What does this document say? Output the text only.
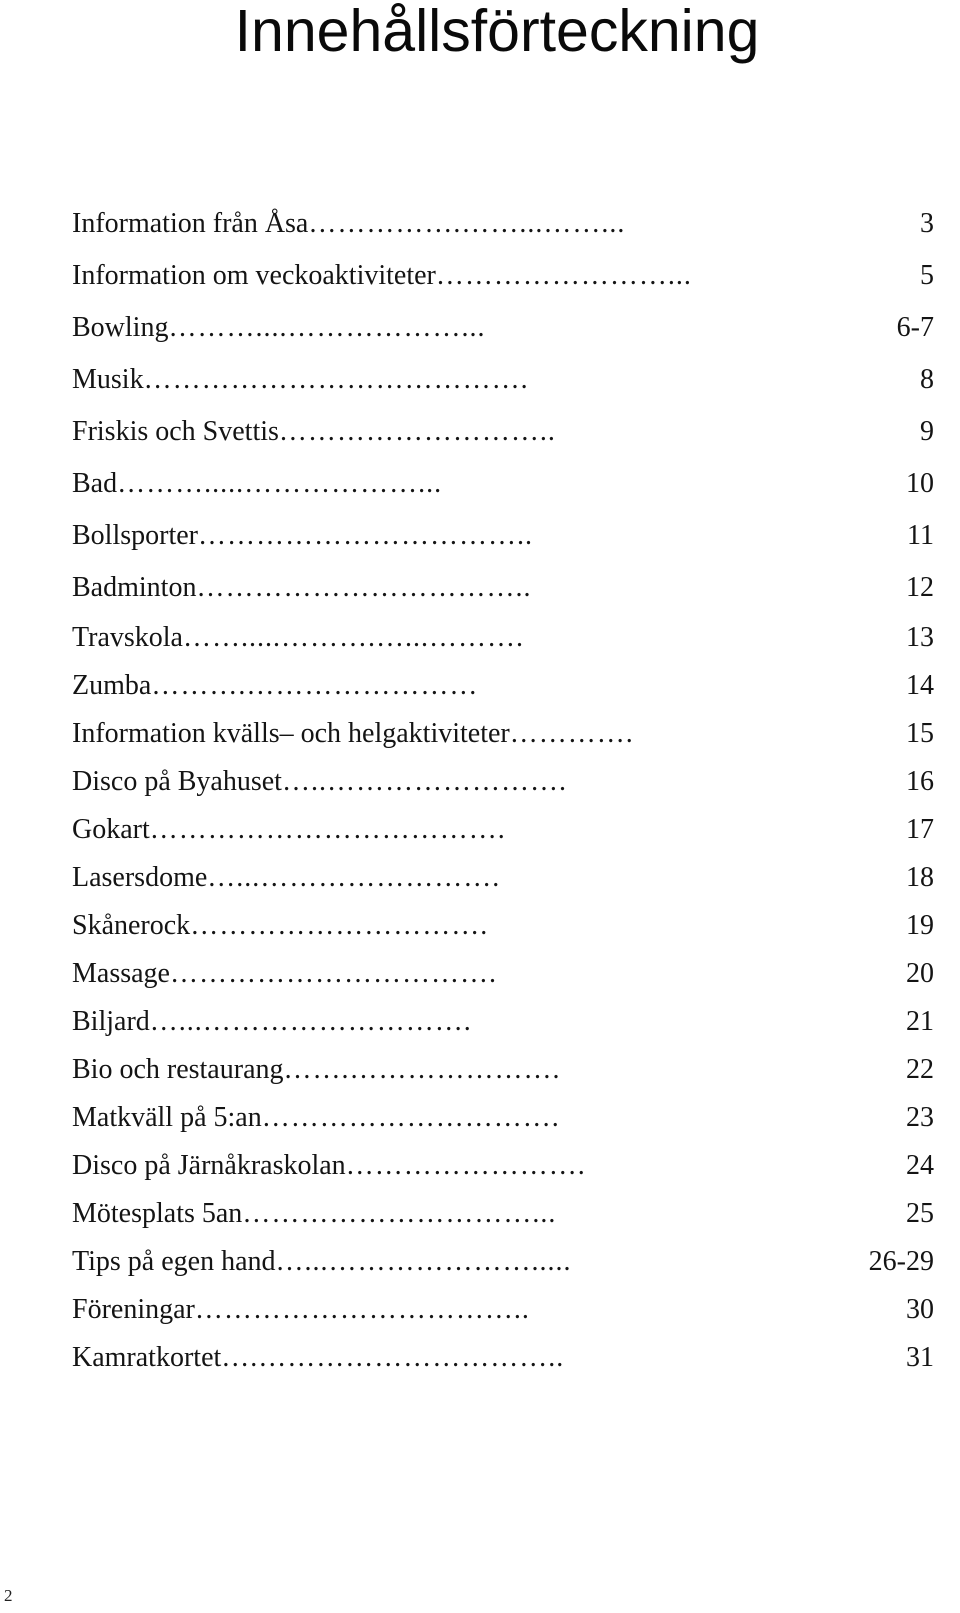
Innehållsförteckning
Information från Åsa …………….……...……...	3
Information om veckoaktiviteter ……………………...	5
Bowling ………....………………...	6-7
Musik ………………………………….	8
Friskis och Svettis ………………………..	9
Bad ……….....………………...	10
Bollsporter ……………………………..	11
Badminton ……………………………..	12
Travskola …….....……….…...……….	13
Zumba ……….……………………	14
Information kvälls– och helgaktiviteter ………….	15
Disco på Byahuset …..…………………….	16
Gokart ……………………………….	17
Lasersdome …...…………………….	18
Skånerock ………………………….	19
Massage …………………………….	20
Biljard …...……………………….	21
Bio och restaurang …….………………….	22
Matkväll på 5:an ………………………….	23
Disco på Järnåkraskolan …………………….	24
Mötesplats 5an …………………………...	25
Tips på egen hand …...………………….....	26-29
Föreningar ……………………………..	30
Kamratkortet ….…………………………..	31
2
